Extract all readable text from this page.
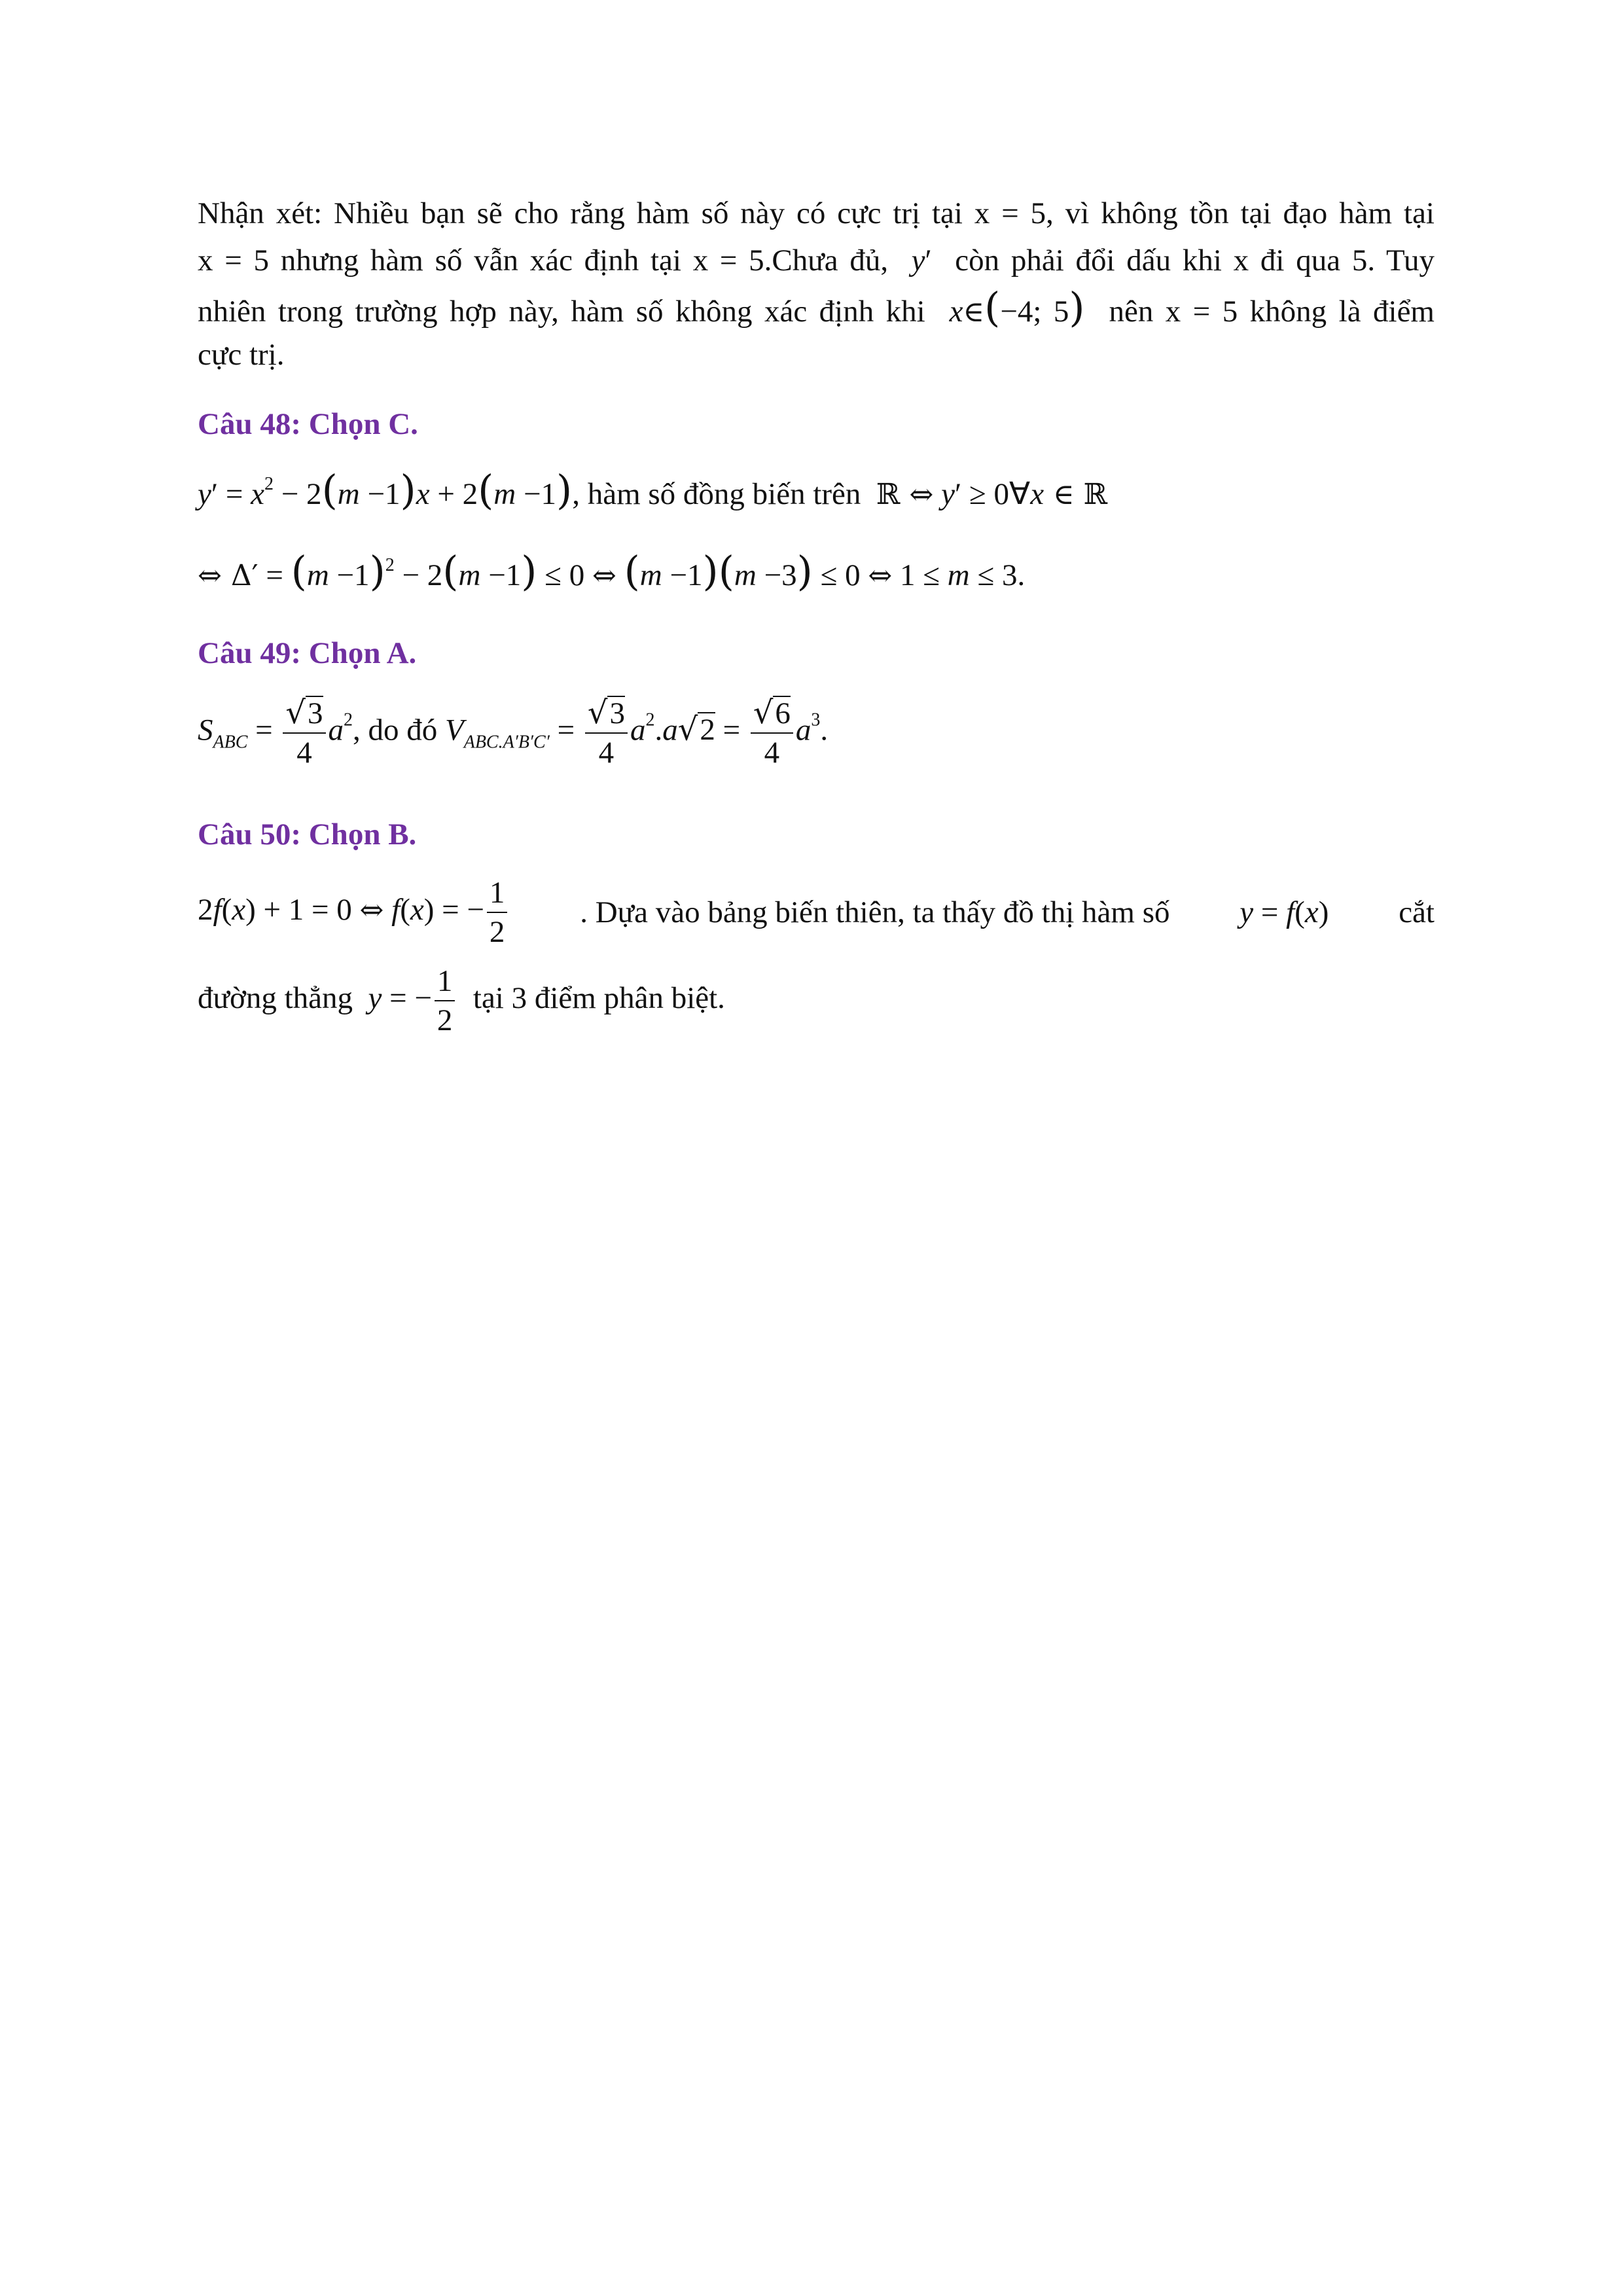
Nhận xét: Nhiều bạn sẽ cho rằng hàm số này có cực trị tại x = 5, vì không tồn tại đạo hàm tại
x = 5 nhưng hàm số vẫn xác định tại x = 5.Chưa đủ, y′ còn phải đổi dấu khi x đi qua 5. Tuy
nhiên trong trường hợp này, hàm số không xác định khi x∈(−4; 5) nên x = 5 không là điểm
cực trị.
Câu 48: Chọn C.
$y' = x^2 - 2(m -1)x + 2(m -1)$, hàm số đồng biến trên ℝ ⇔ y′ ≥ 0∀x ∈ ℝ
⇔ $\Delta' = (m -1)^2 - 2(m -1) \le 0$ ⇔ (m −1)(m −3) ≤ 0 ⇔ 1 ≤ m ≤ 3.
Câu 49: Chọn A.
$S_{ABC} = \frac{√3}{4} a^2$, do đó $V_{ABC.A'B'C'} = \frac{√3}{4} a^2.a√2 = \frac{√6}{4} a^3$.
Câu 50: Chọn B.
2f(x) + 1 = 0 ⇔ f(x) = − $\frac{1}{2}$ . Dựa vào bảng biến thiên, ta thấy đồ thị hàm số y = f(x) cắt
đường thẳng y = − $\frac{1}{2}$ tại 3 điểm phân biệt.
